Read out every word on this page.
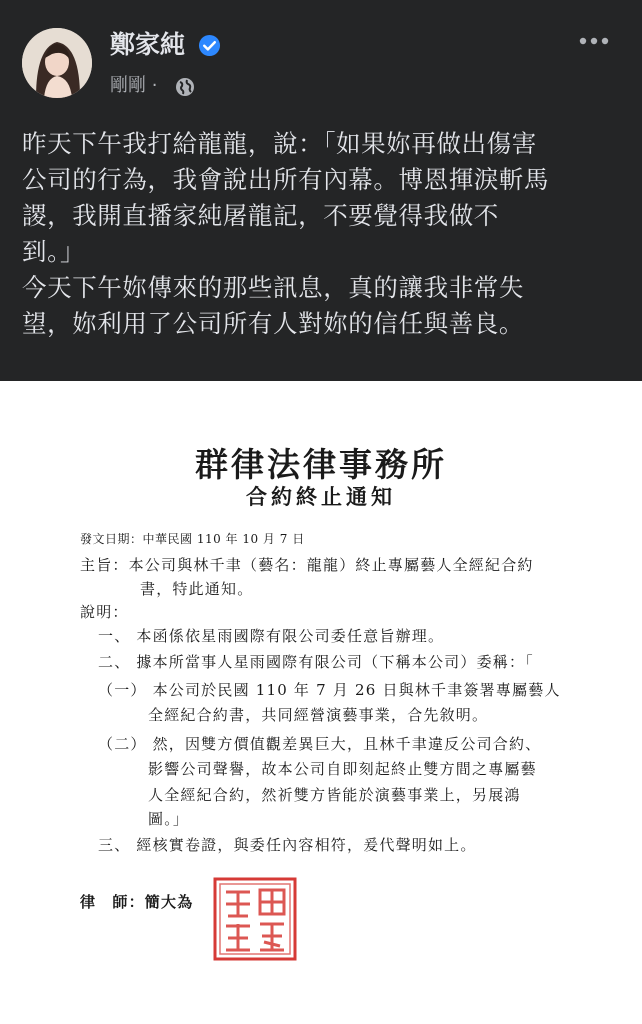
鄭家純
剛剛 ·
昨天下午我打給龍龍，說：「如果妳再做出傷害
公司的行為，我會說出所有內幕。博恩揮淚斬馬
謖，我開直播家純屠龍記，不要覺得我做不
到。」
今天下午妳傳來的那些訊息，真的讓我非常失
望，妳利用了公司所有人對妳的信任與善良。
群律法律事務所
合約終止通知
發文日期：中華民國 110 年 10 月 7 日
主旨：本公司與林千聿（藝名：龍龍）終止專屬藝人全經紀合約
書，特此通知。
說明：
一、 本函係依星雨國際有限公司委任意旨辦理。
二、 據本所當事人星雨國際有限公司（下稱本公司）委稱：「
（一） 本公司於民國 110 年 7 月 26 日與林千聿簽署專屬藝人
全經紀合約書，共同經營演藝事業，合先敘明。
（二） 然，因雙方價值觀差異巨大，且林千聿違反公司合約、
影響公司聲譽，故本公司自即刻起終止雙方間之專屬藝
人全經紀合約，然祈雙方皆能於演藝事業上，另展鴻
圖。」
三、 經核實卷證，與委任內容相符，爰代聲明如上。
律　師：簡大為
